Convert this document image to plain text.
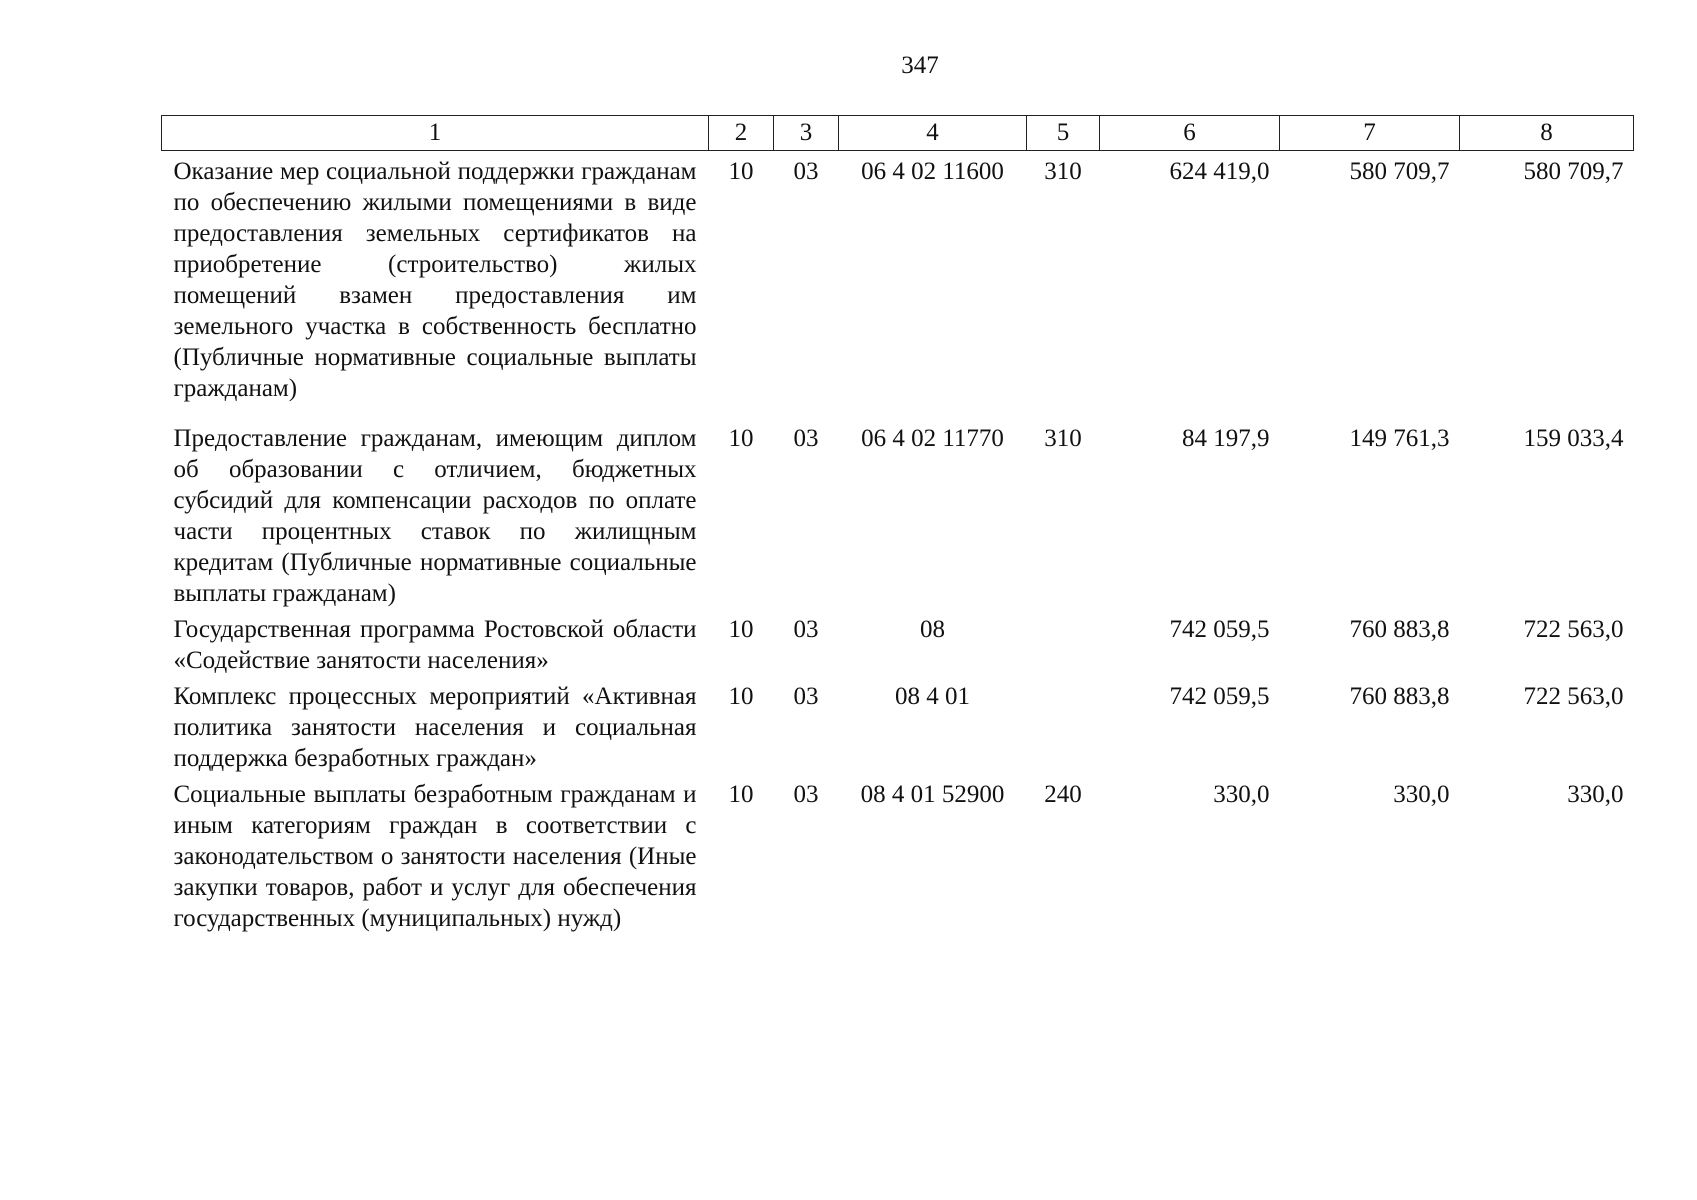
347
1	2	3	4	5	6	7	8
Оказание мер социальной поддержки гражданам по обеспечению жилыми помещениями в виде предоставления земельных сертификатов на приобретение (строительство) жилых помещений взамен предоставления им земельного участка в собственность бесплатно (Публичные нормативные социальные выплаты гражданам)	10	03	06 4 02 11600	310	624 419,0	580 709,7	580 709,7
Предоставление гражданам, имеющим диплом об образовании с отличием, бюджетных субсидий для компенсации расходов по оплате части процентных ставок по жилищным кредитам (Публичные нормативные социальные выплаты гражданам)	10	03	06 4 02 11770	310	84 197,9	149 761,3	159 033,4
Государственная программа Ростовской области «Содействие занятости населения»	10	03	08		742 059,5	760 883,8	722 563,0
Комплекс процессных мероприятий «Активная политика занятости населения и социальная поддержка безработных граждан»	10	03	08 4 01		742 059,5	760 883,8	722 563,0
Социальные выплаты безработным гражданам и иным категориям граждан в соответствии с законодательством о занятости населения (Иные закупки товаров, работ и услуг для обеспечения государственных (муниципальных) нужд)	10	03	08 4 01 52900	240	330,0	330,0	330,0
